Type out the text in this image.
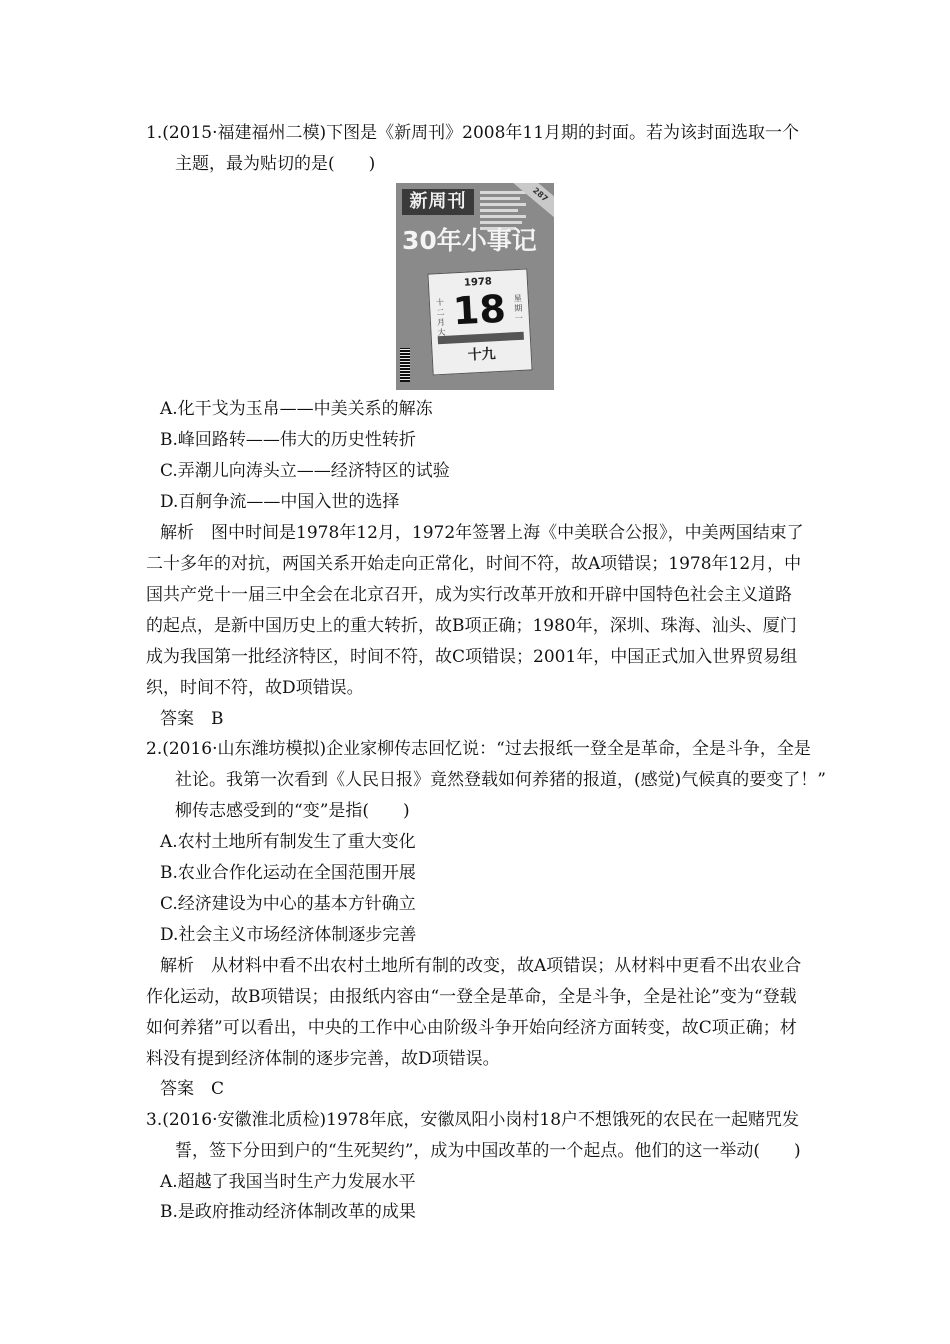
1.(2015·福建福州二模)下图是《新周刊》2008年11月期的封面。若为该封面选取一个
主题，最为贴切的是(　　)
新周刊	287
30年小事记
1978
十二月大 18 星期一
十九
A.化干戈为玉帛——中美关系的解冻
B.峰回路转——伟大的历史性转折
C.弄潮儿向涛头立——经济特区的试验
D.百舸争流——中国入世的选择
解析　图中时间是1978年12月，1972年签署上海《中美联合公报》，中美两国结束了
二十多年的对抗，两国关系开始走向正常化，时间不符，故A项错误；1978年12月，中
国共产党十一届三中全会在北京召开，成为实行改革开放和开辟中国特色社会主义道路
的起点，是新中国历史上的重大转折，故B项正确；1980年，深圳、珠海、汕头、厦门
成为我国第一批经济特区，时间不符，故C项错误；2001年，中国正式加入世界贸易组
织，时间不符，故D项错误。
答案　B
2.(2016·山东潍坊模拟)企业家柳传志回忆说：“过去报纸一登全是革命，全是斗争，全是
社论。我第一次看到《人民日报》竟然登载如何养猪的报道，(感觉)气候真的要变了！”
柳传志感受到的“变”是指(　　)
A.农村土地所有制发生了重大变化
B.农业合作化运动在全国范围开展
C.经济建设为中心的基本方针确立
D.社会主义市场经济体制逐步完善
解析　从材料中看不出农村土地所有制的改变，故A项错误；从材料中更看不出农业合
作化运动，故B项错误；由报纸内容由“一登全是革命，全是斗争，全是社论”变为“登载
如何养猪”可以看出，中央的工作中心由阶级斗争开始向经济方面转变，故C项正确；材
料没有提到经济体制的逐步完善，故D项错误。
答案　C
3.(2016·安徽淮北质检)1978年底，安徽凤阳小岗村18户不想饿死的农民在一起赌咒发
誓，签下分田到户的“生死契约”，成为中国改革的一个起点。他们的这一举动(　　)
A.超越了我国当时生产力发展水平
B.是政府推动经济体制改革的成果
